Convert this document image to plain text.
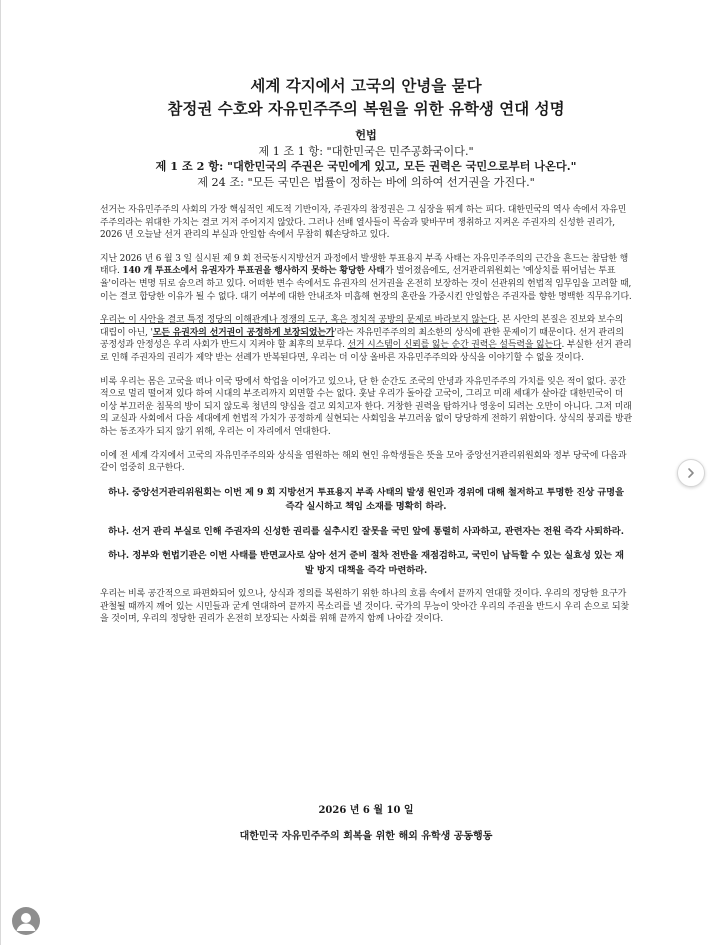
세계 각지에서 고국의 안녕을 묻다

참정권 수호와 자유민주주의 복원을 위한 유학생 연대 성명

헌법

제 1 조 1 항: "대한민국은 민주공화국이다."

제 1 조 2 항: "대한민국의 주권은 국민에게 있고, 모든 권력은 국민으로부터 나온다."

제 24 조: "모든 국민은 법률이 정하는 바에 의하여 선거권을 가진다."

선거는 자유민주주의 사회의 가장 핵심적인 제도적 기반이자, 주권자의 참정권은 그 심장을 뛰게 하는 피다. 대한민국의 역사 속에서 자유민주주의라는 위대한 가치는 결코 거저 주어지지 않았다. 그러나 선배 열사들이 목숨과 맞바꾸며 쟁취하고 지켜온 주권자의 신성한 권리가, 2026 년 오늘날 선거 관리의 부실과 안일함 속에서 무참히 훼손당하고 있다.

지난 2026 년 6 월 3 일 실시된 제 9 회 전국동시지방선거 과정에서 발생한 투표용지 부족 사태는 자유민주주의의 근간을 흔드는 참담한 행태다. 140 개 투표소에서 유권자가 투표권을 행사하지 못하는 황당한 사태가 벌어졌음에도, 선거관리위원회는 '예상치를 뛰어넘는 투표율'이라는 변명 뒤로 숨으려 하고 있다. 어떠한 변수 속에서도 유권자의 선거권을 온전히 보장하는 것이 선관위의 헌법적 임무임을 고려할 때, 이는 결코 합당한 이유가 될 수 없다. 대기 여부에 대한 안내조차 미흡해 현장의 혼란을 가중시킨 안일함은 주권자를 향한 명백한 직무유기다.

우리는 이 사안을 결코 특정 정당의 이해관계나 정쟁의 도구, 혹은 정치적 공방의 문제로 바라보지 않는다. 본 사안의 본질은 진보와 보수의 대립이 아닌, '모든 유권자의 선거권이 공정하게 보장되었는가'라는 자유민주주의의 최소한의 상식에 관한 문제이기 때문이다. 선거 관리의 공정성과 안정성은 우리 사회가 반드시 지켜야 할 최후의 보루다. 선거 시스템이 신뢰를 잃는 순간 권력은 설득력을 잃는다. 부실한 선거 관리로 인해 주권자의 권리가 제약 받는 선례가 반복된다면, 우리는 더 이상 올바른 자유민주주의와 상식을 이야기할 수 없을 것이다.

비록 우리는 몸은 고국을 떠나 이국 땅에서 학업을 이어가고 있으나, 단 한 순간도 조국의 안녕과 자유민주주의 가치를 잊은 적이 없다. 공간적으로 멀리 떨어져 있다 하여 시대의 부조리까지 외면할 수는 없다. 훗날 우리가 돌아갈 고국이, 그리고 미래 세대가 살아갈 대한민국이 더 이상 부끄러운 침묵의 방이 되지 않도록 청년의 양심을 걸고 외치고자 한다. 거창한 권력을 탐하거나 영웅이 되려는 오만이 아니다. 그저 미래의 교실과 사회에서 다음 세대에게 헌법적 가치가 공정하게 실현되는 사회임을 부끄러움 없이 당당하게 전하기 위함이다. 상식의 붕괴를 방관하는 동조자가 되지 않기 위해, 우리는 이 자리에서 연대한다.

이에 전 세계 각지에서 고국의 자유민주주의와 상식을 염원하는 해외 현인 유학생들은 뜻을 모아 중앙선거관리위원회와 정부 당국에 다음과 같이 엄중히 요구한다.

하나. 중앙선거관리위원회는 이번 제 9 회 지방선거 투표용지 부족 사태의 발생 원인과 경위에 대해 철저하고 투명한 진상 규명을 즉각 실시하고 책임 소재를 명확히 하라.

하나. 선거 관리 부실로 인해 주권자의 신성한 권리를 실추시킨 잘못을 국민 앞에 통렬히 사과하고, 관련자는 전원 즉각 사퇴하라.

하나. 정부와 헌법기관은 이번 사태를 반면교사로 삼아 선거 준비 절차 전반을 재점검하고, 국민이 납득할 수 있는 실효성 있는 재발 방지 대책을 즉각 마련하라.

우리는 비록 공간적으로 파편화되어 있으나, 상식과 정의를 복원하기 위한 하나의 흐름 속에서 끝까지 연대할 것이다. 우리의 정당한 요구가 관철될 때까지 깨어 있는 시민들과 굳게 연대하여 끝까지 목소리를 낼 것이다. 국가의 무능이 앗아간 우리의 주권을 반드시 우리 손으로 되찾을 것이며, 우리의 정당한 권리가 온전히 보장되는 사회를 위해 끝까지 함께 나아갈 것이다.

2026 년 6 월 10 일
대한민국 자유민주주의 회복을 위한 해외 유학생 공동행동
